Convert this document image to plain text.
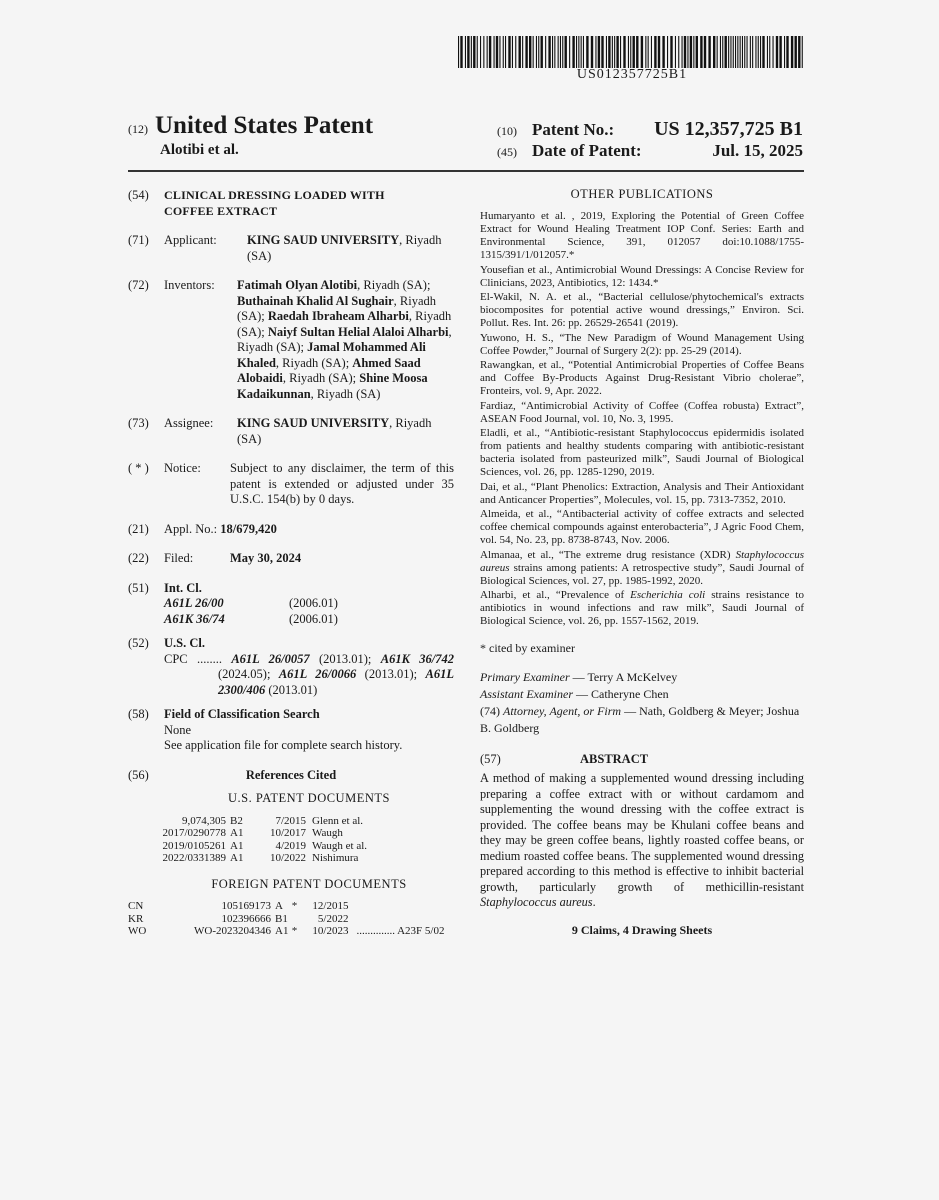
US012357725B1
(12) United States Patent
Alotibi et al.
(10) Patent No.: US 12,357,725 B1
(45) Date of Patent:	Jul. 15, 2025
(54)	CLINICAL DRESSING LOADED WITH
COFFEE EXTRACT
(71)	Applicant:	KING SAUD UNIVERSITY, Riyadh (SA)
(72)	Inventors:	Fatimah Olyan Alotibi, Riyadh (SA); Buthainah Khalid Al Sughair, Riyadh (SA); Raedah Ibraheam Alharbi, Riyadh (SA); Naiyf Sultan Helial Alaloi Alharbi, Riyadh (SA); Jamal Mohammed Ali Khaled, Riyadh (SA); Ahmed Saad Alobaidi, Riyadh (SA); Shine Moosa Kadaikunnan, Riyadh (SA)
(73)	Assignee:	KING SAUD UNIVERSITY, Riyadh (SA)
( * )	Notice:	Subject to any disclaimer, the term of this patent is extended or adjusted under 35 U.S.C. 154(b) by 0 days.
(21)	Appl. No.: 18/679,420
(22)	Filed:	May 30, 2024
(51)	Int. Cl.
A61L 26/00	(2006.01)
A61K 36/74	(2006.01)
(52)	U.S. Cl.
CPC ........ A61L 26/0057 (2013.01); A61K 36/742 (2024.05); A61L 26/0066 (2013.01); A61L 2300/406 (2013.01)
(58)	Field of Classification Search
None
See application file for complete search history.
(56)	References Cited
U.S. PATENT DOCUMENTS
9,074,305	B2	7/2015	Glenn et al.
2017/0290778	A1	10/2017	Waugh
2019/0105261	A1	4/2019	Waugh et al.
2022/0331389	A1	10/2022	Nishimura
FOREIGN PATENT DOCUMENTS
CN	105169173	A	*	12/2015	
KR	102396666	B1		5/2022	
WO	WO-2023204346	A1	*	10/2023	.............. A23F 5/02
OTHER PUBLICATIONS
Humaryanto et al. , 2019, Exploring the Potential of Green Coffee Extract for Wound Healing Treatment IOP Conf. Series: Earth and Environmental Science, 391, 012057 doi:10.1088/1755-1315/391/1/012057.*
Yousefian et al., Antimicrobial Wound Dressings: A Concise Review for Clinicians, 2023, Antibiotics, 12: 1434.*
El-Wakil, N. A. et al., “Bacterial cellulose/phytochemical's extracts biocomposites for potential active wound dressings,” Environ. Sci. Pollut. Res. Int. 26: pp. 26529-26541 (2019).
Yuwono, H. S., “The New Paradigm of Wound Management Using Coffee Powder,” Journal of Surgery 2(2): pp. 25-29 (2014).
Rawangkan, et al., “Potential Antimicrobial Properties of Coffee Beans and Coffee By-Products Against Drug-Resistant Vibrio cholerae”, Fronteirs, vol. 9, Apr. 2022.
Fardiaz, “Antimicrobial Activity of Coffee (Coffea robusta) Extract”, ASEAN Food Journal, vol. 10, No. 3, 1995.
Eladli, et al., “Antibiotic-resistant Staphylococcus epidermidis isolated from patients and healthy students comparing with antibiotic-resistant bacteria isolated from pasteurized milk”, Saudi Journal of Biological Sciences, vol. 26, pp. 1285-1290, 2019.
Dai, et al., “Plant Phenolics: Extraction, Analysis and Their Antioxidant and Anticancer Properties”, Molecules, vol. 15, pp. 7313-7352, 2010.
Almeida, et al., “Antibacterial activity of coffee extracts and selected coffee chemical compounds against enterobacteria”, J Agric Food Chem, vol. 54, No. 23, pp. 8738-8743, Nov. 2006.
Almanaa, et al., “The extreme drug resistance (XDR) Staphylococcus aureus strains among patients: A retrospective study”, Saudi Journal of Biological Sciences, vol. 27, pp. 1985-1992, 2020.
Alharbi, et al., “Prevalence of Escherichia coli strains resistance to antibiotics in wound infections and raw milk”, Saudi Journal of Biological Science, vol. 26, pp. 1557-1562, 2019.
* cited by examiner
Primary Examiner — Terry A McKelvey
Assistant Examiner — Catheryne Chen
(74) Attorney, Agent, or Firm — Nath, Goldberg & Meyer; Joshua B. Goldberg
(57)	ABSTRACT
A method of making a supplemented wound dressing including preparing a coffee extract with or without cardamom and supplementing the wound dressing with the coffee extract is provided. The coffee beans may be Khulani coffee beans and they may be green coffee beans, lightly roasted coffee beans, or medium roasted coffee beans. The supplemented wound dressing prepared according to this method is effective to inhibit bacterial growth, particularly growth of methicillin-resistant Staphylococcus aureus.
9 Claims, 4 Drawing Sheets
